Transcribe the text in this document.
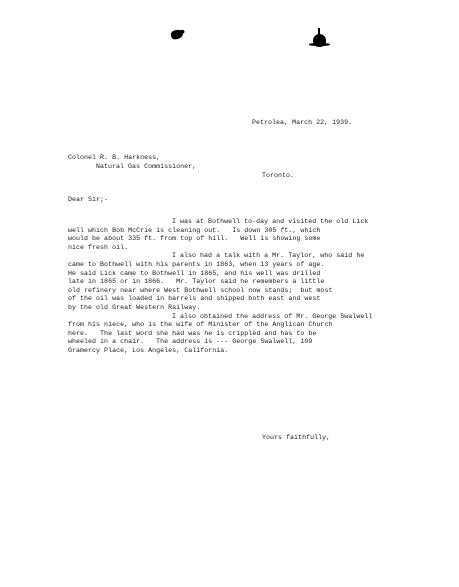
Petrolea, March 22, 1939.
Colonel R. B. Harkness,
Natural Gas Commissioner,
Toronto.
Dear Sir;-
I was at Bothwell to-day and visited the old Lick
well which Bob McCrie is cleaning out.   Is down 305 ft., which
would be about 335 ft. from top of hill.   Well is showing some
nice fresh oil.
I also had a talk with a Mr. Taylor, who said he
came to Bothwell with his parents in 1863, when 13 years of age.
He said Lick came to Bothwell in 1865, and his well was drilled
late in 1865 or in 1866.   Mr. Taylor said he remembers a little
old refinery near where West Bothwell school now stands;  but most
of the oil was loaded in barrels and shipped both east and west
by the old Great Western Railway.
I also obtained the address of Mr. George Swalwell
from his niece, who is the wife of Minister of the Anglican Church
here.   The last word she had was he is crippled and has to be
wheeled in a chair.   The address is --- George Swalwell, 109
Gramercy Place, Los Angeles, California.
Yours faithfully,
